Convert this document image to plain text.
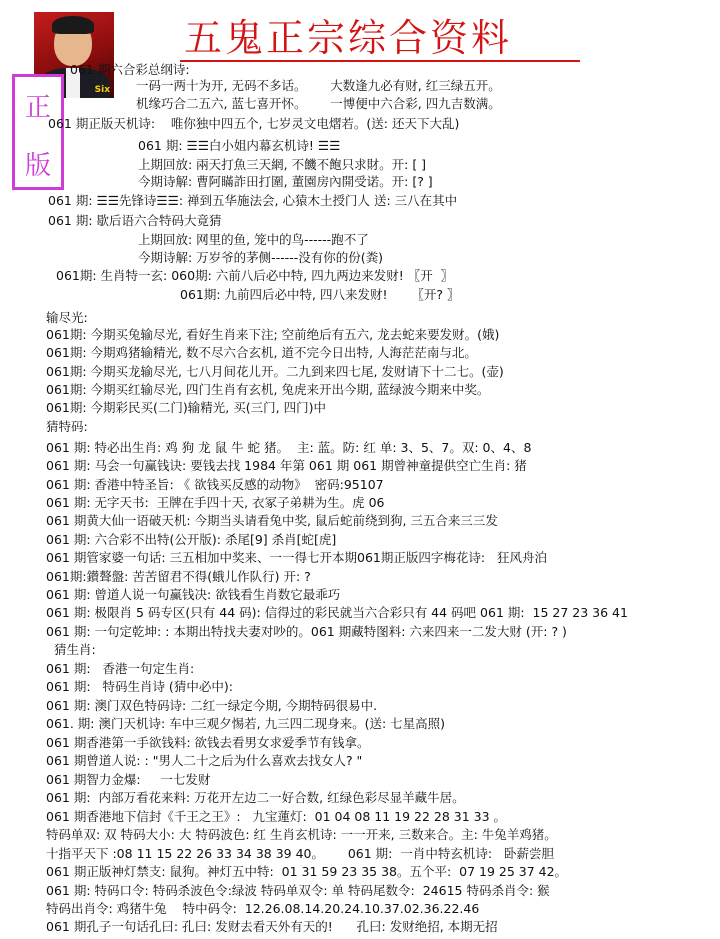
Six
五鬼正宗综合资料
正
版
061 期六合彩总纲诗:
一码一两十为开, 无码不多话。      大数逢九必有财, 红三绿五开。
机缘巧合二五六, 蓝七喜开怀。      一博便中六合彩, 四九吉数满。
061 期正版天机诗:    唯你独中四五个, 七岁灵文电熠若。(送: 还天下大乱)
061 期: ☰☰白小姐内幕玄机诗! ☰☰
上期回放: 兩天打魚三天網, 不饑不飽只求財。开: [ ]
今期诗解: 曹阿瞞詐田打圍, 董園房內開受诺。开: [? ]
061 期: ☰☰先锋诗☰☰: 禅到五华施法会, 心猿木土授门人 送: 三八在其中
061 期: 歇后语六合特码大竟猜
上期回放: 网里的鱼, 笼中的鸟------跑不了
今期诗解: 万岁爷的茅侧------没有你的份(粪)
061期: 生肖特一玄: 060期: 六前八后必中特, 四九两边来发财! 〖开  〗
061期: 九前四后必中特, 四八来发财!      〖开? 〗
输尽光:
061期: 今期买兔输尽光, 看好生肖来下注; 空前绝后有五六, 龙去蛇来要发财。(娥)
061期: 今期鸡猪输精光, 数不尽六合玄机, 道不完今日出特, 人海茫茫南与北。
061期: 今期买龙输尽光, 七八月间花儿开。二九到来四七尾, 发财请下十二七。(壶)
061期: 今期买红输尽光, 四门生肖有玄机, 兔虎来开出今期, 蓝绿波今期来中奖。
061期: 今期彩民买(二门)输精光, 买(三门, 四门)中
猜特码:
061 期: 特必出生肖: 鸡 狗 龙 鼠 牛 蛇 猪。  主: 蓝。防: 红 单: 3、5、7。双: 0、4、8
061 期: 马会一句赢钱诀: 要钱去找 1984 年第 061 期 061 期曾神童提供空亡生肖: 猪
061 期: 香港中特圣旨: 《 欲钱买反感的动物》  密码:95107
061 期: 无字天书:  王牌在手四十天, 衣冢子弟耕为生。虎 06
061 期黄大仙一语破天机: 今期当头请看兔中奖, 鼠后蛇前绕到狗, 三五合来三三发
061 期: 六合彩不出特(公开版): 杀尾[9] 杀肖[蛇[虎]
061 期管家婆一句话: 三五相加中奖来、一一得七开本期061期正版四字梅花诗:   狂风舟泊
061期:鑚聱盤: 苦苦留君不得(蛾儿作队行) 开: ?
061 期: 曾道人说一句赢钱决: 欲钱看生肖数它最乖巧
061 期: 极限肖 5 码专区(只有 44 码): 信得过的彩民就当六合彩只有 44 码吧 061 期:  15 27 23 36 41
061 期: 一句定乾坤: : 本期出特找夫妻对吵的。061 期藏特图料: 六来四来一二发大财 (开: ? )
猜生肖:
061 期:   香港一句定生肖:
061 期:   特码生肖诗 (猜中必中):
061 期: 澳门双色特码诗: 二红一绿定今期, 今期特码很易中.
061. 期: 澳门天机诗: 车中三观夕惕若, 九三四二现身来。(送: 七星高照)
061 期香港第一手欲钱料: 欲钱去看男女求爱季节有钱拿。
061 期曾道人说: : "男人二十之后为什么喜欢去找女人? "
061 期智力金爆:     一七发财
061 期:  内部万看花来料: 万花开左边二一好合数, 红绿色彩尽显羊藏牛居。
061 期香港地下信封《千王之王》:   九宝蓮灯:  01 04 08 11 19 22 28 31 33 。
特码单双: 双 特码大小: 大 特码波色: 红 生肖玄机诗: 一一开来, 三数来合。主: 牛兔羊鸡猪。
十指平天下 :08 11 15 22 26 33 34 38 39 40。      061 期:  一肖中特玄机诗:   卧薪尝胆
061 期正版神灯禁支: 鼠狗。神灯五中特:  01 31 59 23 35 38。五个平:  07 19 25 37 42。
061 期: 特码口令: 特码杀波色令:绿波 特码单双令: 单 特码尾数令:  24615 特码杀肖令: 猴
特码出肖令: 鸡猪牛兔    特中码令:  12.26.08.14.20.24.10.37.02.36.22.46
061 期孔子一句话孔曰: 孔曰: 发财去看天外有天的!      孔曰: 发财绝招, 本期无招
